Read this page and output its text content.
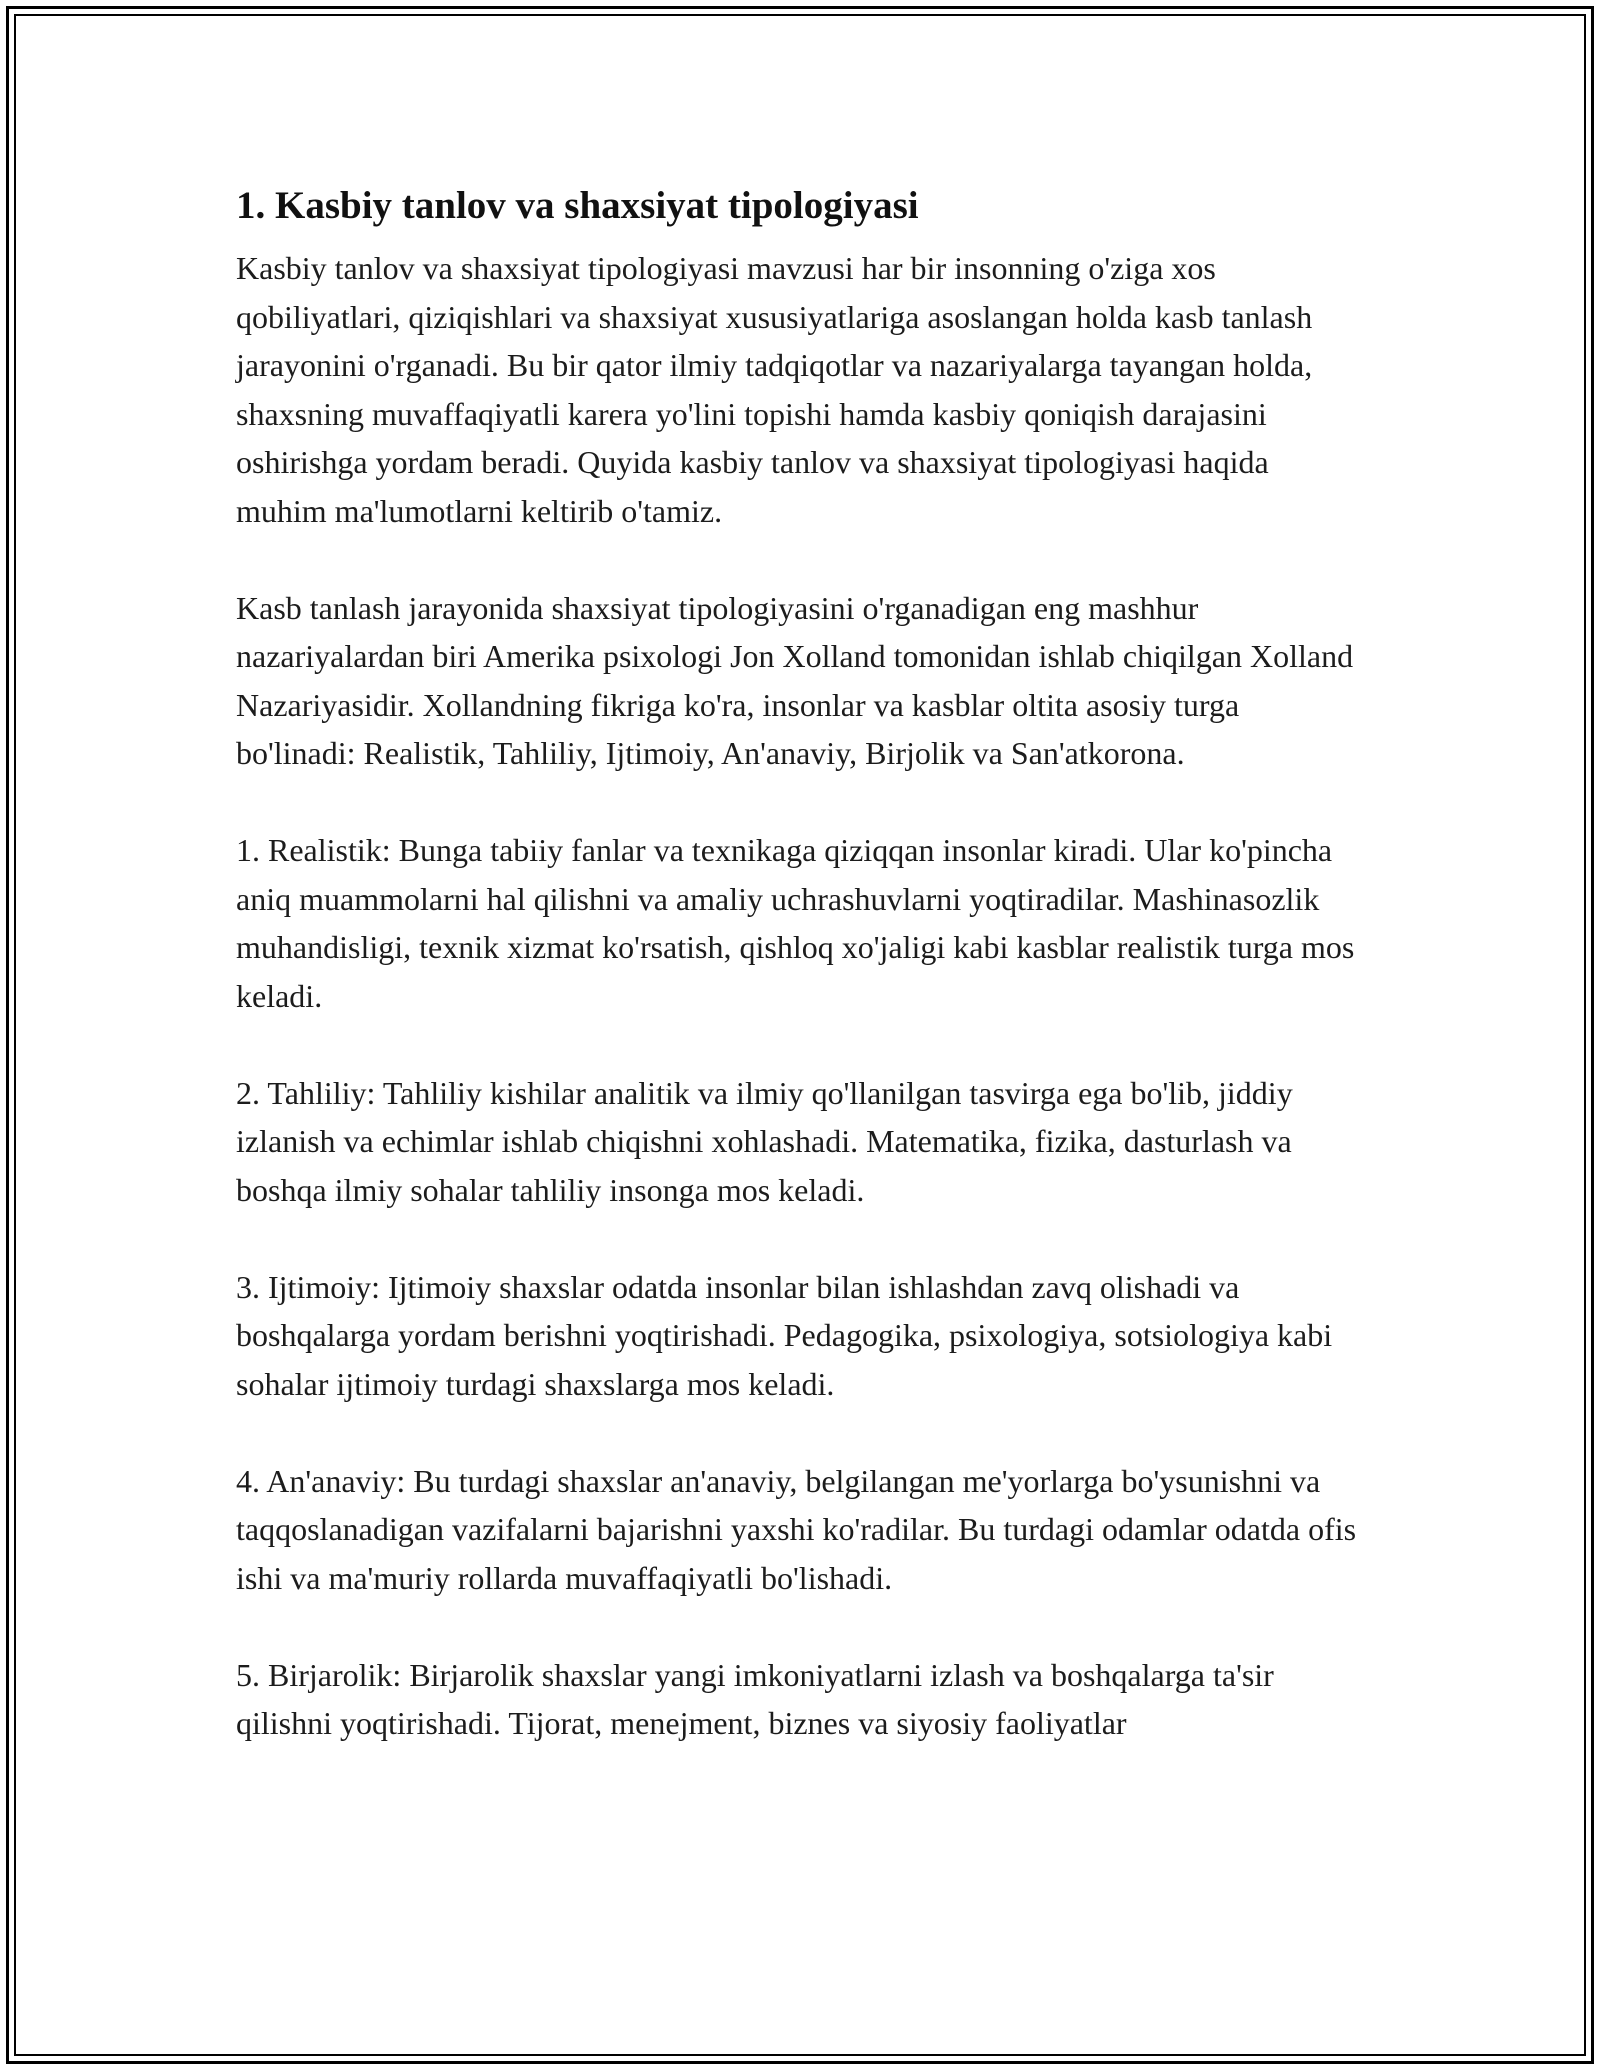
1. Kasbiy tanlov va shaxsiyat tipologiyasi

Kasbiy tanlov va shaxsiyat tipologiyasi mavzusi har bir insonning o'ziga xos qobiliyatlari, qiziqishlari va shaxsiyat xususiyatlariga asoslangan holda kasb tanlash jarayonini o'rganadi. Bu bir qator ilmiy tadqiqotlar va nazariyalarga tayangan holda, shaxsning muvaffaqiyatli karera yo'lini topishi hamda kasbiy qoniqish darajasini oshirishga yordam beradi. Quyida kasbiy tanlov va shaxsiyat tipologiyasi haqida muhim ma'lumotlarni keltirib o'tamiz.

Kasb tanlash jarayonida shaxsiyat tipologiyasini o'rganadigan eng mashhur nazariyalardan biri Amerika psixologi Jon Xolland tomonidan ishlab chiqilgan Xolland Nazariyasidir. Xollandning fikriga ko'ra, insonlar va kasblar oltita asosiy turga bo'linadi: Realistik, Tahliliy, Ijtimoiy, An'anaviy, Birjolik va San'atkorona.

1. Realistik: Bunga tabiiy fanlar va texnikaga qiziqqan insonlar kiradi. Ular ko'pincha aniq muammolarni hal qilishni va amaliy uchrashuvlarni yoqtiradilar. Mashinasozlik muhandisligi, texnik xizmat ko'rsatish, qishloq xo'jaligi kabi kasblar realistik turga mos keladi.

2. Tahliliy: Tahliliy kishilar analitik va ilmiy qo'llanilgan tasvirga ega bo'lib, jiddiy izlanish va echimlar ishlab chiqishni xohlashadi. Matematika, fizika, dasturlash va boshqa ilmiy sohalar tahliliy insonga mos keladi.

3. Ijtimoiy: Ijtimoiy shaxslar odatda insonlar bilan ishlashdan zavq olishadi va boshqalarga yordam berishni yoqtirishadi. Pedagogika, psixologiya, sotsiologiya kabi sohalar ijtimoiy turdagi shaxslarga mos keladi.

4. An'anaviy: Bu turdagi shaxslar an'anaviy, belgilangan me'yorlarga bo'ysunishni va taqqoslanadigan vazifalarni bajarishni yaxshi ko'radilar. Bu turdagi odamlar odatda ofis ishi va ma'muriy rollarda muvaffaqiyatli bo'lishadi.

5. Birjarolik: Birjarolik shaxslar yangi imkoniyatlarni izlash va boshqalarga ta'sir qilishni yoqtirishadi. Tijorat, menejment, biznes va siyosiy faoliyatlar
